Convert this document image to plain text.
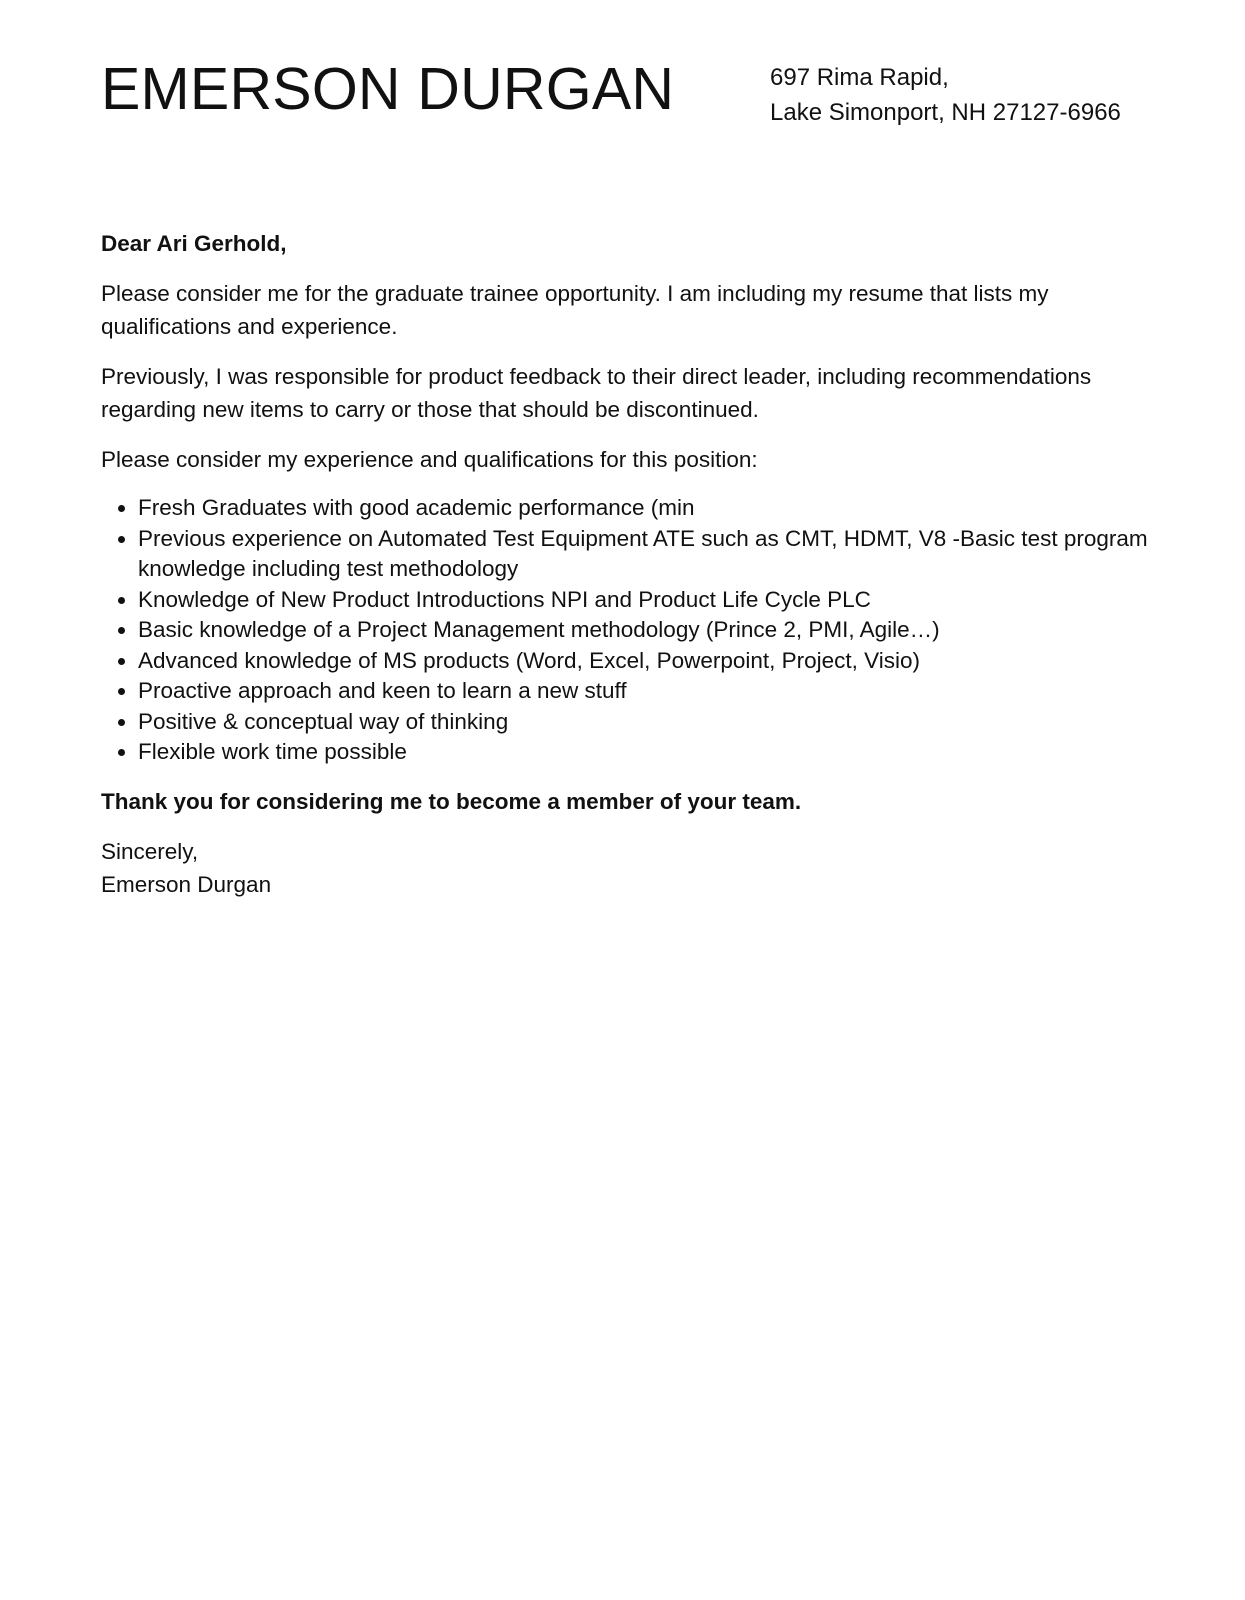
EMERSON DURGAN	697 Rima Rapid,
Lake Simonport, NH 27127-6966

Dear Ari Gerhold,

Please consider me for the graduate trainee opportunity. I am including my resume that lists my qualifications and experience.

Previously, I was responsible for product feedback to their direct leader, including recommendations regarding new items to carry or those that should be discontinued.

Please consider my experience and qualifications for this position:

• Fresh Graduates with good academic performance (min
• Previous experience on Automated Test Equipment ATE such as CMT, HDMT, V8 -Basic test program knowledge including test methodology
• Knowledge of New Product Introductions NPI and Product Life Cycle PLC
• Basic knowledge of a Project Management methodology (Prince 2, PMI, Agile…)
• Advanced knowledge of MS products (Word, Excel, Powerpoint, Project, Visio)
• Proactive approach and keen to learn a new stuff
• Positive & conceptual way of thinking
• Flexible work time possible

Thank you for considering me to become a member of your team.

Sincerely,
Emerson Durgan
